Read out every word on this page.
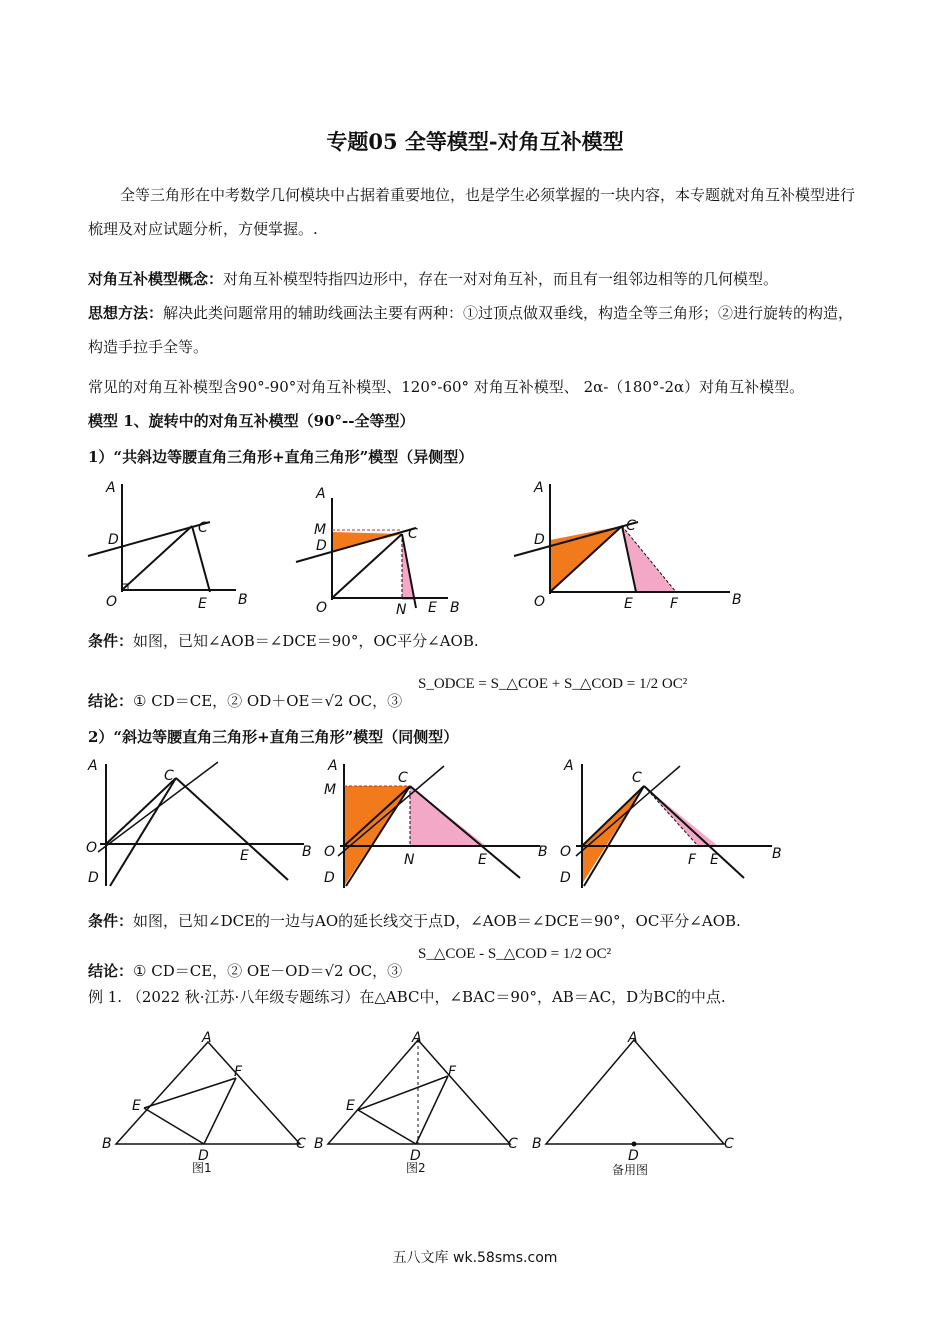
专题05 全等模型-对角互补模型
全等三角形在中考数学几何模块中占据着重要地位，也是学生必须掌握的一块内容，本专题就对角互补模型进行梳理及对应试题分析，方便掌握。.
对角互补模型概念：对角互补模型特指四边形中，存在一对对角互补，而且有一组邻边相等的几何模型。
思想方法：解决此类问题常用的辅助线画法主要有两种：①过顶点做双垂线，构造全等三角形；②进行旋转的构造，构造手拉手全等。
常见的对角互补模型含90°-90°对角互补模型、120°-60° 对角互补模型、 2α-（180°-2α）对角互补模型。
模型 1、旋转中的对角互补模型（90°--全等型）
1）“共斜边等腰直角三角形+直角三角形”模型（异侧型）
A
D
C
O	E B
A
M
D
C
O	N E B
A
D
C
O	E	F	B
条件：如图，已知∠AOB＝∠DCE＝90°，OC平分∠AOB.
结论：① CD＝CE，② OD＋OE＝√2 OC，③
S_ODCE = S_△COE + S_△COD = 1/2 OC²
2）“斜边等腰直角三角形+直角三角形”模型（同侧型）
A
C
O	E	B
D
A
M
C
O	N	E	B
D
A
C
O	F E	B
D
条件：如图，已知∠DCE的一边与AO的延长线交于点D，∠AOB＝∠DCE＝90°，OC平分∠AOB.
结论：① CD＝CE，② OE－OD＝√2 OC，③
S_△COE - S_△COD = 1/2 OC²
例 1. （2022 秋·江苏·八年级专题练习）在△ABC中，∠BAC＝90°，AB＝AC，D为BC的中点.
A
F
E
B	C
D
图1
A
F
E
B	C
D
图2
A
B	C
D
备用图
五八文库 wk.58sms.com
